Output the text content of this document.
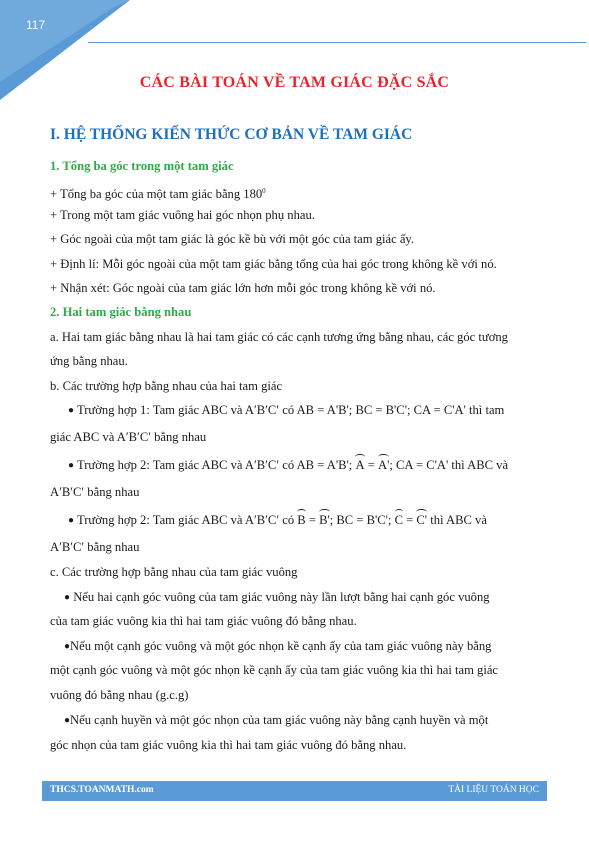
117
CÁC BÀI TOÁN VỀ TAM GIÁC ĐẶC SẮC
I. HỆ THỐNG KIẾN THỨC CƠ BẢN VỀ TAM GIÁC
1. Tổng ba góc trong một tam giác
+ Tổng ba góc của một tam giác bằng $180^0$
+ Trong một tam giác vuông hai góc nhọn phụ nhau.
+ Góc ngoài của một tam giác là góc kề bù với một góc của tam giác ấy.
+ Định lí: Mỗi góc ngoài của một tam giác bằng tổng của hai góc trong không kề với nó.
+ Nhận xét: Góc ngoài của tam giác lớn hơn mỗi góc trong không kề với nó.
2. Hai tam giác bằng nhau
a. Hai tam giác bằng nhau là hai tam giác có các cạnh tương ứng bằng nhau, các góc tương
ứng bằng nhau.
b. Các trường hợp bằng nhau của hai tam giác
● Trường hợp 1: Tam giác ABC và A′B′C′ có AB = A'B'; BC = B'C'; CA = C'A' thì tam
giác ABC và A′B′C′ bằng nhau
● Trường hợp 2: Tam giác ABC và A′B′C′ có AB = A'B'; A = A'; CA = C'A' thì ABC và
A′B′C′ bằng nhau
● Trường hợp 2: Tam giác ABC và A′B′C′ có B = B'; BC = B'C'; C = C' thì ABC và
A′B′C′ bằng nhau
c. Các trường hợp bằng nhau của tam giác vuông
● Nếu hai cạnh góc vuông của tam giác vuông này lần lượt bằng hai cạnh góc vuông
của tam giác vuông kia thì hai tam giác vuông đó bằng nhau.
●Nếu một cạnh góc vuông và một góc nhọn kề cạnh ấy của tam giác vuông này bằng
một cạnh góc vuông và một góc nhọn kề cạnh ấy của tam giác vuông kia thì hai tam giác
vuông đó bằng nhau (g.c.g)
●Nếu cạnh huyền và một góc nhọn của tam giác vuông này bằng cạnh huyền và một
góc nhọn của tam giác vuông kia thì hai tam giác vuông đó bằng nhau.
THCS.TOANMATH.com	TÀI LIỆU TOÁN HỌC
